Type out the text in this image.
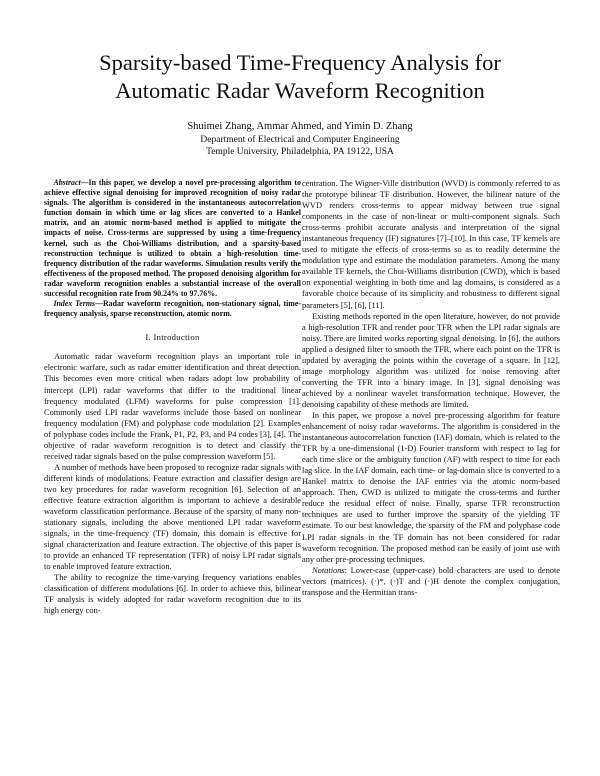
Sparsity-based Time-Frequency Analysis for
Automatic Radar Waveform Recognition
Shuimei Zhang, Ammar Ahmed, and Yimin D. Zhang
Department of Electrical and Computer Engineering
Temple University, Philadelphia, PA 19122, USA

Abstract—In this paper, we develop a novel pre-processing algorithm to achieve effective signal denoising for improved recognition of noisy radar signals. The algorithm is considered in the instantaneous autocorrelation function domain in which time or lag slices are converted to a Hankel matrix, and an atomic norm-based method is applied to mitigate the impacts of noise. Cross-terms are suppressed by using a time-frequency kernel, such as the Choi-Williams distribution, and a sparsity-based reconstruction technique is utilized to obtain a high-resolution time-frequency distribution of the radar waveforms. Simulation results verify the effectiveness of the proposed method. The proposed denoising algorithm for radar waveform recognition enables a substantial increase of the overall successful recognition rate from 90.24% to 97.76%.

Index Terms—Radar waveform recognition, non-stationary signal, time-frequency analysis, sparse reconstruction, atomic norm.

I. Introduction

Automatic radar waveform recognition plays an important role in electronic warfare, such as radar emitter identification and threat detection. This becomes even more critical when radars adopt low probability of intercept (LPI) radar waveforms that differ to the traditional linear frequency modulated (LFM) waveforms for pulse compression [1]. Commonly used LPI radar waveforms include those based on nonlinear frequency modulation (FM) and polyphase code modulation [2]. Examples of polyphase codes include the Frank, P1, P2, P3, and P4 codes [3], [4]. The objective of radar waveform recognition is to detect and classify the received radar signals based on the pulse compression waveform [5].

A number of methods have been proposed to recognize radar signals with different kinds of modulations. Feature extraction and classifier design are two key procedures for radar waveform recognition [6]. Selection of an effective feature extraction algorithm is important to achieve a desirable waveform classification performance. Because of the sparsity of many non-stationary signals, including the above mentioned LPI radar waveform signals, in the time-frequency (TF) domain, this domain is effective for signal characterization and feature extraction. The objective of this paper is to provide an enhanced TF representation (TFR) of noisy LPI radar signals to enable improved feature extraction.

The ability to recognize the time-varying frequency variations enables classification of different modulations [6]. In order to achieve this, bilinear TF analysis is widely adopted for radar waveform recognition due to its high energy con-

centration. The Wigner-Ville distribution (WVD) is commonly referred to as the prototype bilinear TF distribution. However, the bilinear nature of the WVD renders cross-terms to appear midway between true signal components in the case of non-linear or multi-component signals. Such cross-terms prohibit accurate analysis and interpretation of the signal instantaneous frequency (IF) signatures [7]–[10]. In this case, TF kernels are used to mitigate the effects of cross-terms so as to readily determine the modulation type and estimate the modulation parameters. Among the many available TF kernels, the Choi-Williams distribution (CWD), which is based on exponential weighting in both time and lag domains, is considered as a favorable choice because of its simplicity and robustness to different signal parameters [5], [6], [11].

Existing methods reported in the open literature, however, do not provide a high-resolution TFR and render poor TFR when the LPI radar signals are noisy. There are limited works reporting signal denoising. In [6], the authors applied a designed filter to smooth the TFR, where each point on the TFR is updated by averaging the points within the coverage of a square. In [12], image morphology algorithm was utilized for noise removing after converting the TFR into a binary image. In [3], signal denoising was achieved by a nonlinear wavelet transformation technique. However, the denoising capability of these methods are limited.

In this paper, we propose a novel pre-processing algorithm for feature enhancement of noisy radar waveforms. The algorithm is considered in the instantaneous autocorrelation function (IAF) domain, which is related to the TFR by a one-dimensional (1-D) Fourier transform with respect to lag for each time slice or the ambiguity function (AF) with respect to time for each lag slice. In the IAF domain, each time- or lag-domain slice is converted to a Hankel matrix to denoise the IAF entries via the atomic norm-based approach. Then, CWD is utilized to mitigate the cross-terms and further reduce the residual effect of noise. Finally, sparse TFR reconstruction techniques are used to further improve the sparsity of the yielding TF estimate. To our best knowledge, the sparsity of the FM and polyphase code LPI radar signals in the TF domain has not been considered for radar waveform recognition. The proposed method can be easily of joint use with any other pre-processing techniques.

Notations: Lower-case (upper-case) bold characters are used to denote vectors (matrices). (·)*, (·)T and (·)H denote the complex conjugation, transpose and the Hermitian trans-
